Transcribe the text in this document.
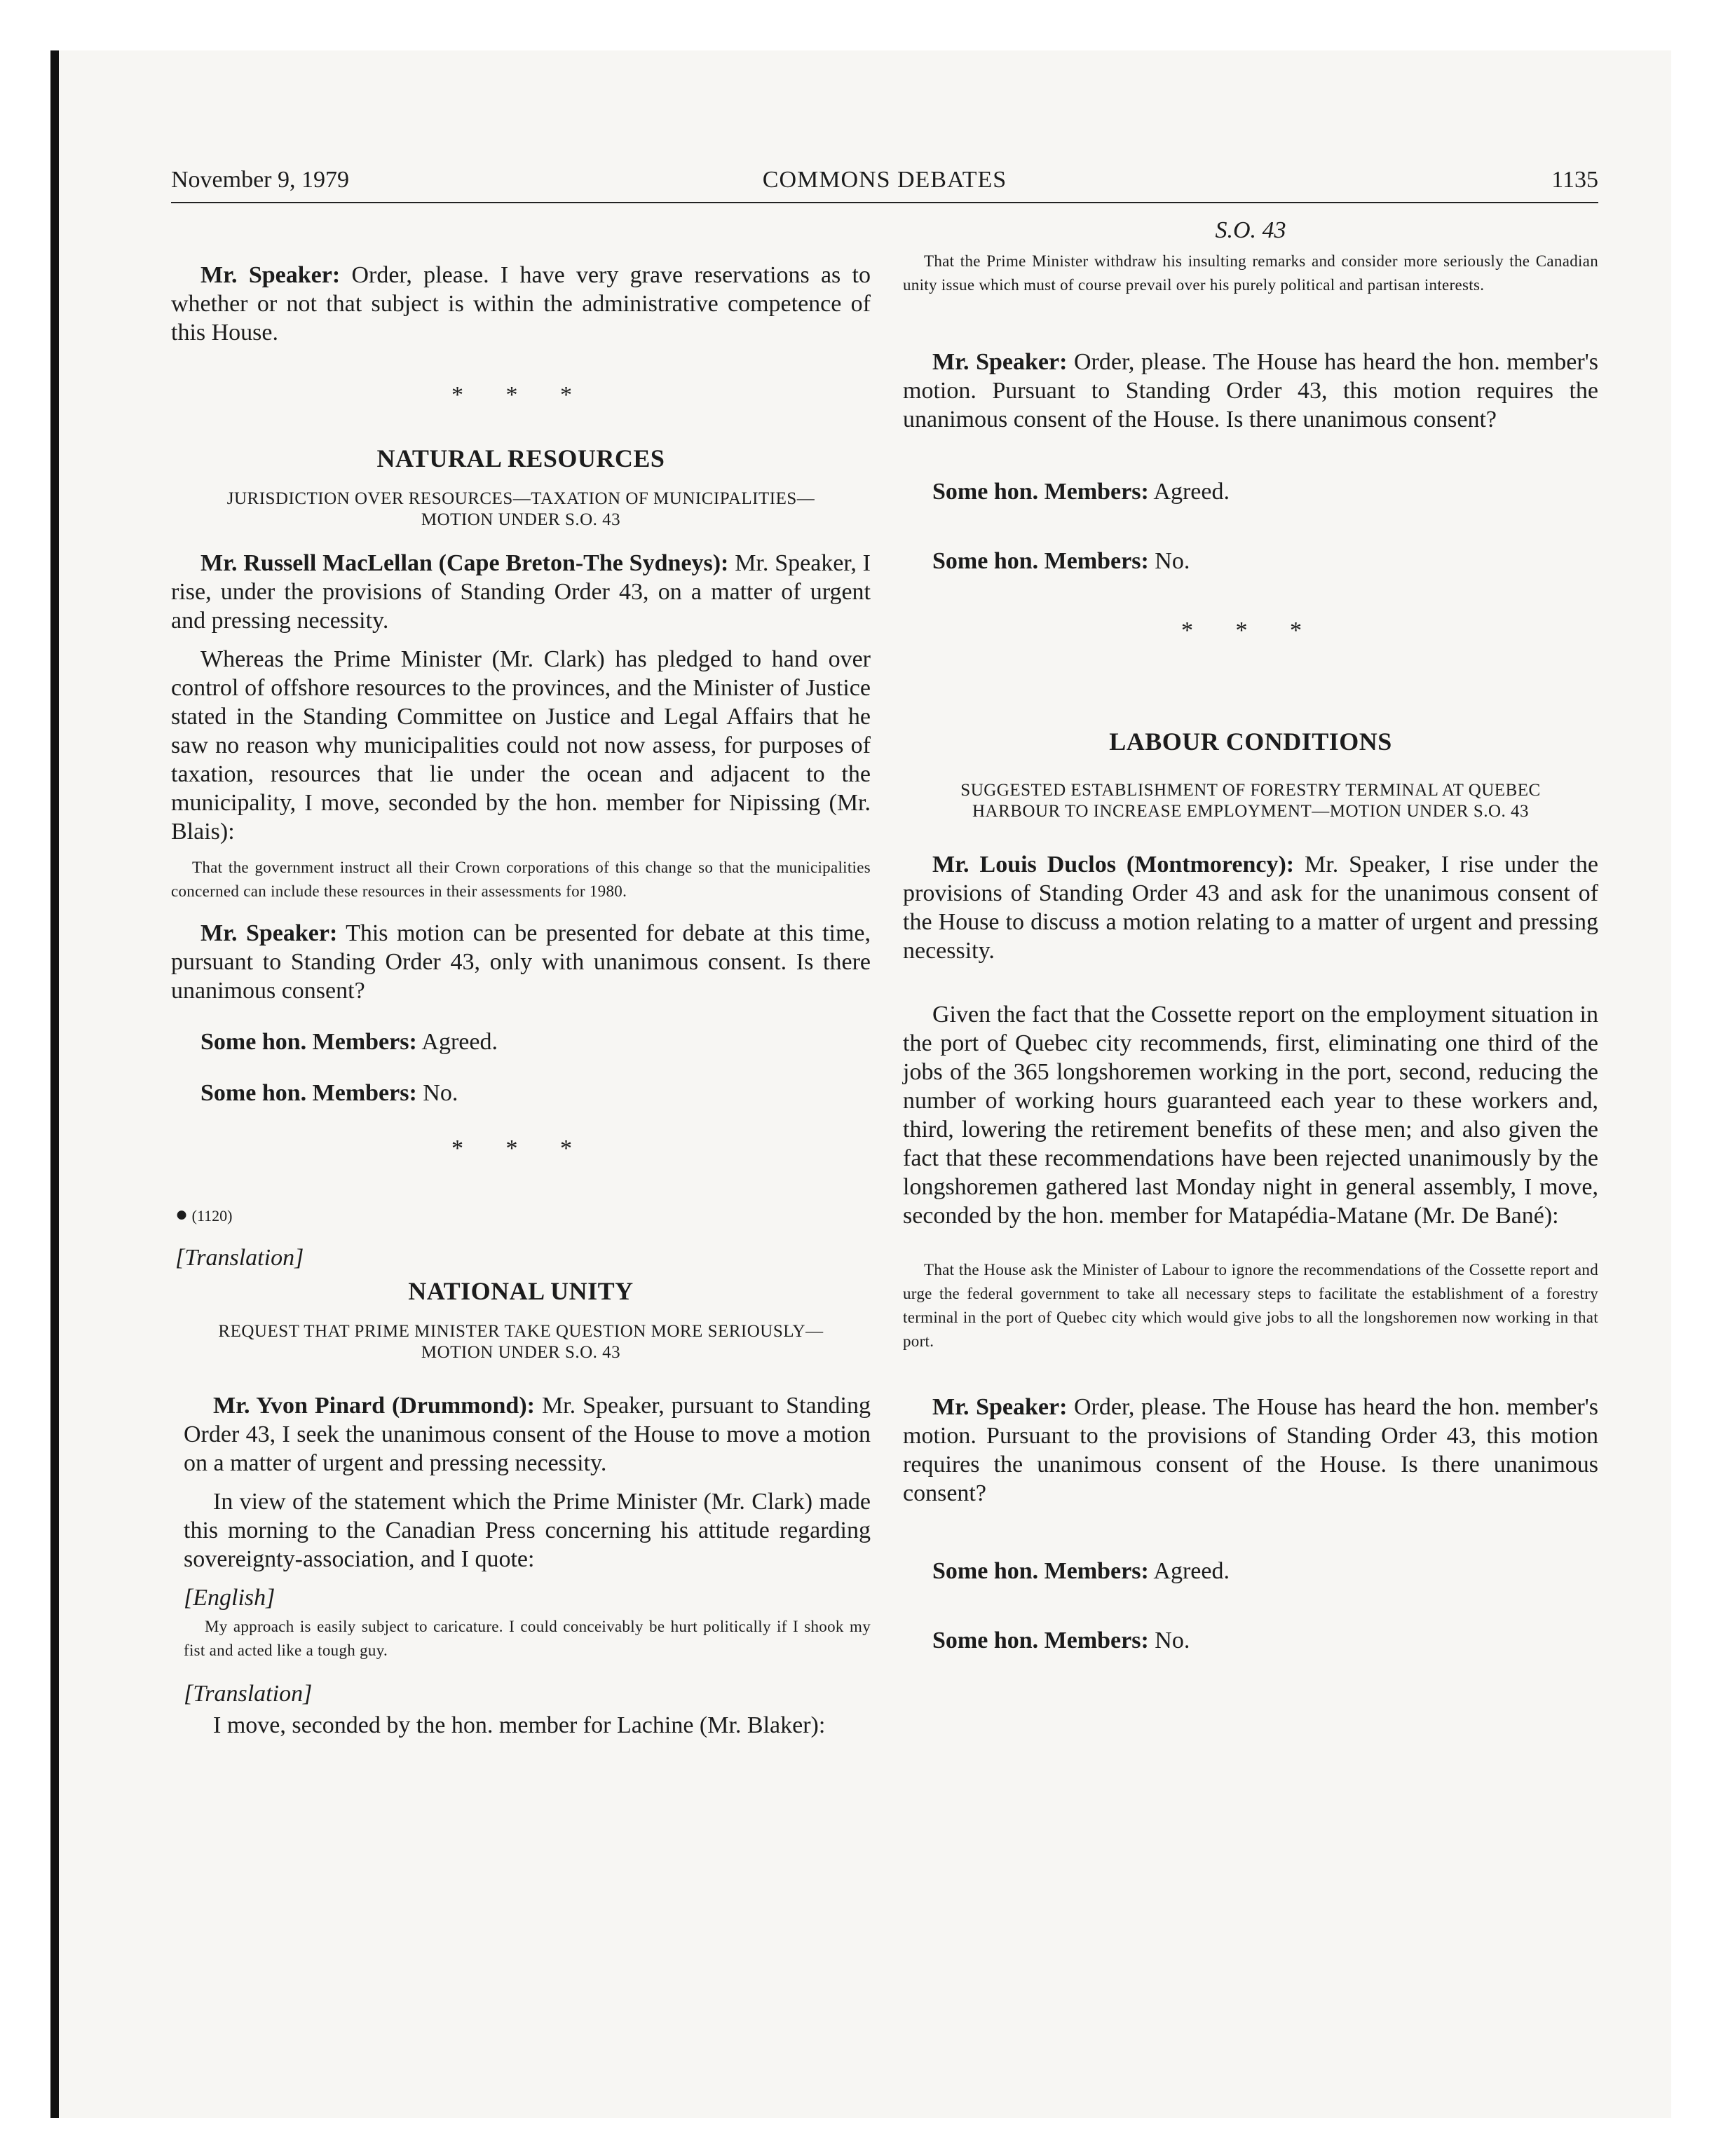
November 9, 1979	COMMONS DEBATES	1135

Mr. Speaker: Order, please. I have very grave reservations as to whether or not that subject is within the administrative competence of this House.

* * *

NATURAL RESOURCES

JURISDICTION OVER RESOURCES—TAXATION OF MUNICIPALITIES—MOTION UNDER S.O. 43

Mr. Russell MacLellan (Cape Breton-The Sydneys): Mr. Speaker, I rise, under the provisions of Standing Order 43, on a matter of urgent and pressing necessity.

Whereas the Prime Minister (Mr. Clark) has pledged to hand over control of offshore resources to the provinces, and the Minister of Justice stated in the Standing Committee on Justice and Legal Affairs that he saw no reason why municipalities could not now assess, for purposes of taxation, resources that lie under the ocean and adjacent to the municipality, I move, seconded by the hon. member for Nipissing (Mr. Blais):

That the government instruct all their Crown corporations of this change so that the municipalities concerned can include these resources in their assessments for 1980.

Mr. Speaker: This motion can be presented for debate at this time, pursuant to Standing Order 43, only with unanimous consent. Is there unanimous consent?

Some hon. Members: Agreed.

Some hon. Members: No.

* * *

● (1120)

[Translation]

NATIONAL UNITY

REQUEST THAT PRIME MINISTER TAKE QUESTION MORE SERIOUSLY—MOTION UNDER S.O. 43

Mr. Yvon Pinard (Drummond): Mr. Speaker, pursuant to Standing Order 43, I seek the unanimous consent of the House to move a motion on a matter of urgent and pressing necessity.

In view of the statement which the Prime Minister (Mr. Clark) made this morning to the Canadian Press concerning his attitude regarding sovereignty-association, and I quote:

[English]

My approach is easily subject to caricature. I could conceivably be hurt politically if I shook my fist and acted like a tough guy.

[Translation]

I move, seconded by the hon. member for Lachine (Mr. Blaker):

S.O. 43

That the Prime Minister withdraw his insulting remarks and consider more seriously the Canadian unity issue which must of course prevail over his purely political and partisan interests.

Mr. Speaker: Order, please. The House has heard the hon. member's motion. Pursuant to Standing Order 43, this motion requires the unanimous consent of the House. Is there unanimous consent?

Some hon. Members: Agreed.

Some hon. Members: No.

* * *

LABOUR CONDITIONS

SUGGESTED ESTABLISHMENT OF FORESTRY TERMINAL AT QUEBEC HARBOUR TO INCREASE EMPLOYMENT—MOTION UNDER S.O. 43

Mr. Louis Duclos (Montmorency): Mr. Speaker, I rise under the provisions of Standing Order 43 and ask for the unanimous consent of the House to discuss a motion relating to a matter of urgent and pressing necessity.

Given the fact that the Cossette report on the employment situation in the port of Quebec city recommends, first, eliminating one third of the jobs of the 365 longshoremen working in the port, second, reducing the number of working hours guaranteed each year to these workers and, third, lowering the retirement benefits of these men; and also given the fact that these recommendations have been rejected unanimously by the longshoremen gathered last Monday night in general assembly, I move, seconded by the hon. member for Matapédia-Matane (Mr. De Bané):

That the House ask the Minister of Labour to ignore the recommendations of the Cossette report and urge the federal government to take all necessary steps to facilitate the establishment of a forestry terminal in the port of Quebec city which would give jobs to all the longshoremen now working in that port.

Mr. Speaker: Order, please. The House has heard the hon. member's motion. Pursuant to the provisions of Standing Order 43, this motion requires the unanimous consent of the House. Is there unanimous consent?

Some hon. Members: Agreed.

Some hon. Members: No.
